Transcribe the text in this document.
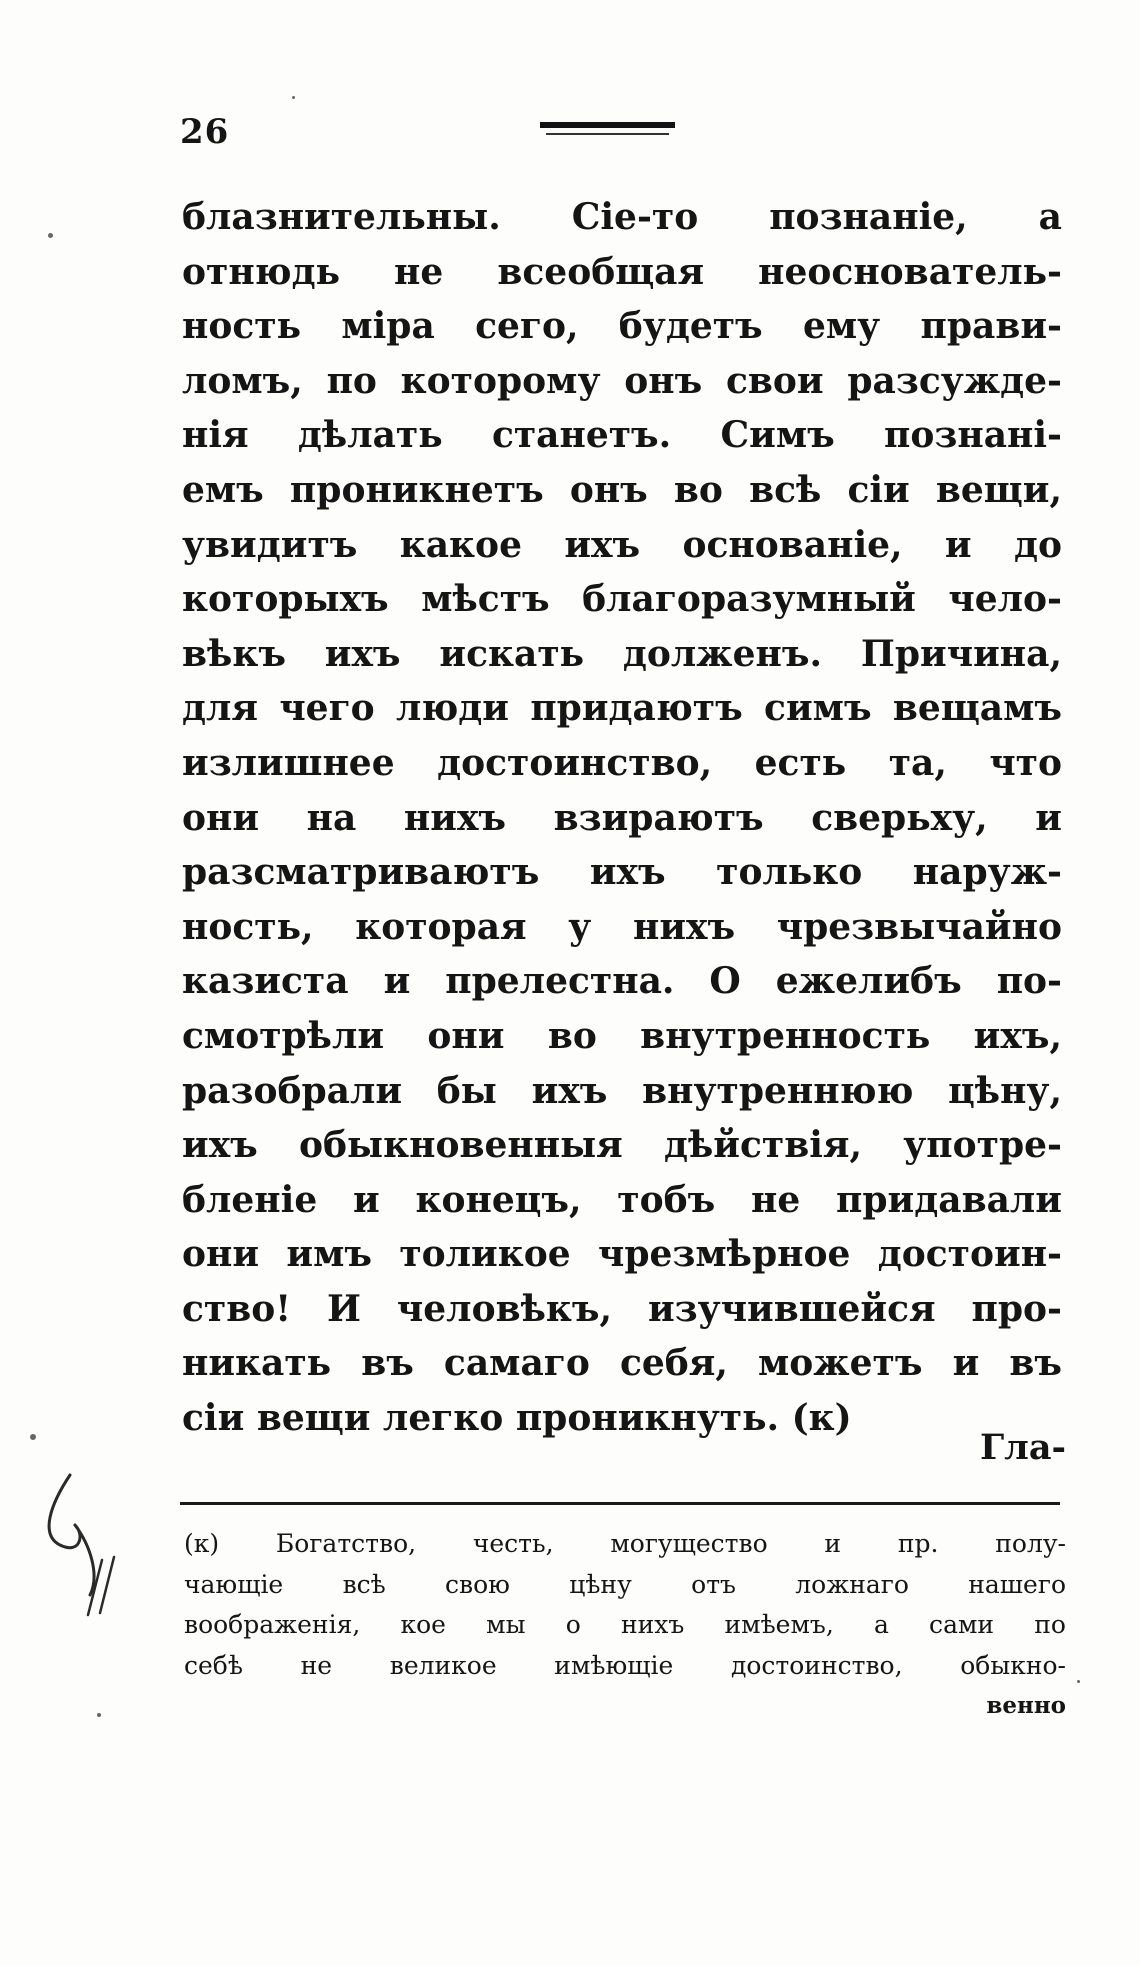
26
блазнительны. Сіе-то познаніе, а
отнюдь не всеобщая неоснователь-
ность міра сего, будетъ ему прави-
ломъ, по которому онъ свои разсужде-
нія дѣлать станетъ. Симъ познані-
емъ проникнетъ онъ во всѣ сіи вещи,
увидитъ какое ихъ основаніе, и до
которыхъ мѣстъ благоразумный чело-
вѣкъ ихъ искать долженъ. Причина,
для чего люди придаютъ симъ вещамъ
излишнее достоинство, есть та, что
они на нихъ взираютъ сверьху, и
разсматриваютъ ихъ только наруж-
ность, которая у нихъ чрезвычайно
казиста и прелестна. О ежелибъ по-
смотрѣли они во внутренность ихъ,
разобрали бы ихъ внутреннюю цѣну,
ихъ обыкновенныя дѣйствія, употре-
бленіе и конецъ, тобъ не придавали
они имъ толикое чрезмѣрное достоин-
ство! И человѣкъ, изучившейся про-
никать въ самаго себя, можетъ и въ
сіи вещи легко проникнуть. (к)
Гла-
(к) Богатство, честь, могущество и пр. полу-
чающіе всѣ свою цѣну отъ ложнаго нашего
воображенія, кое мы о нихъ имѣемъ, а сами по
себѣ не великое имѣющіе достоинство, обыкно-
венно
